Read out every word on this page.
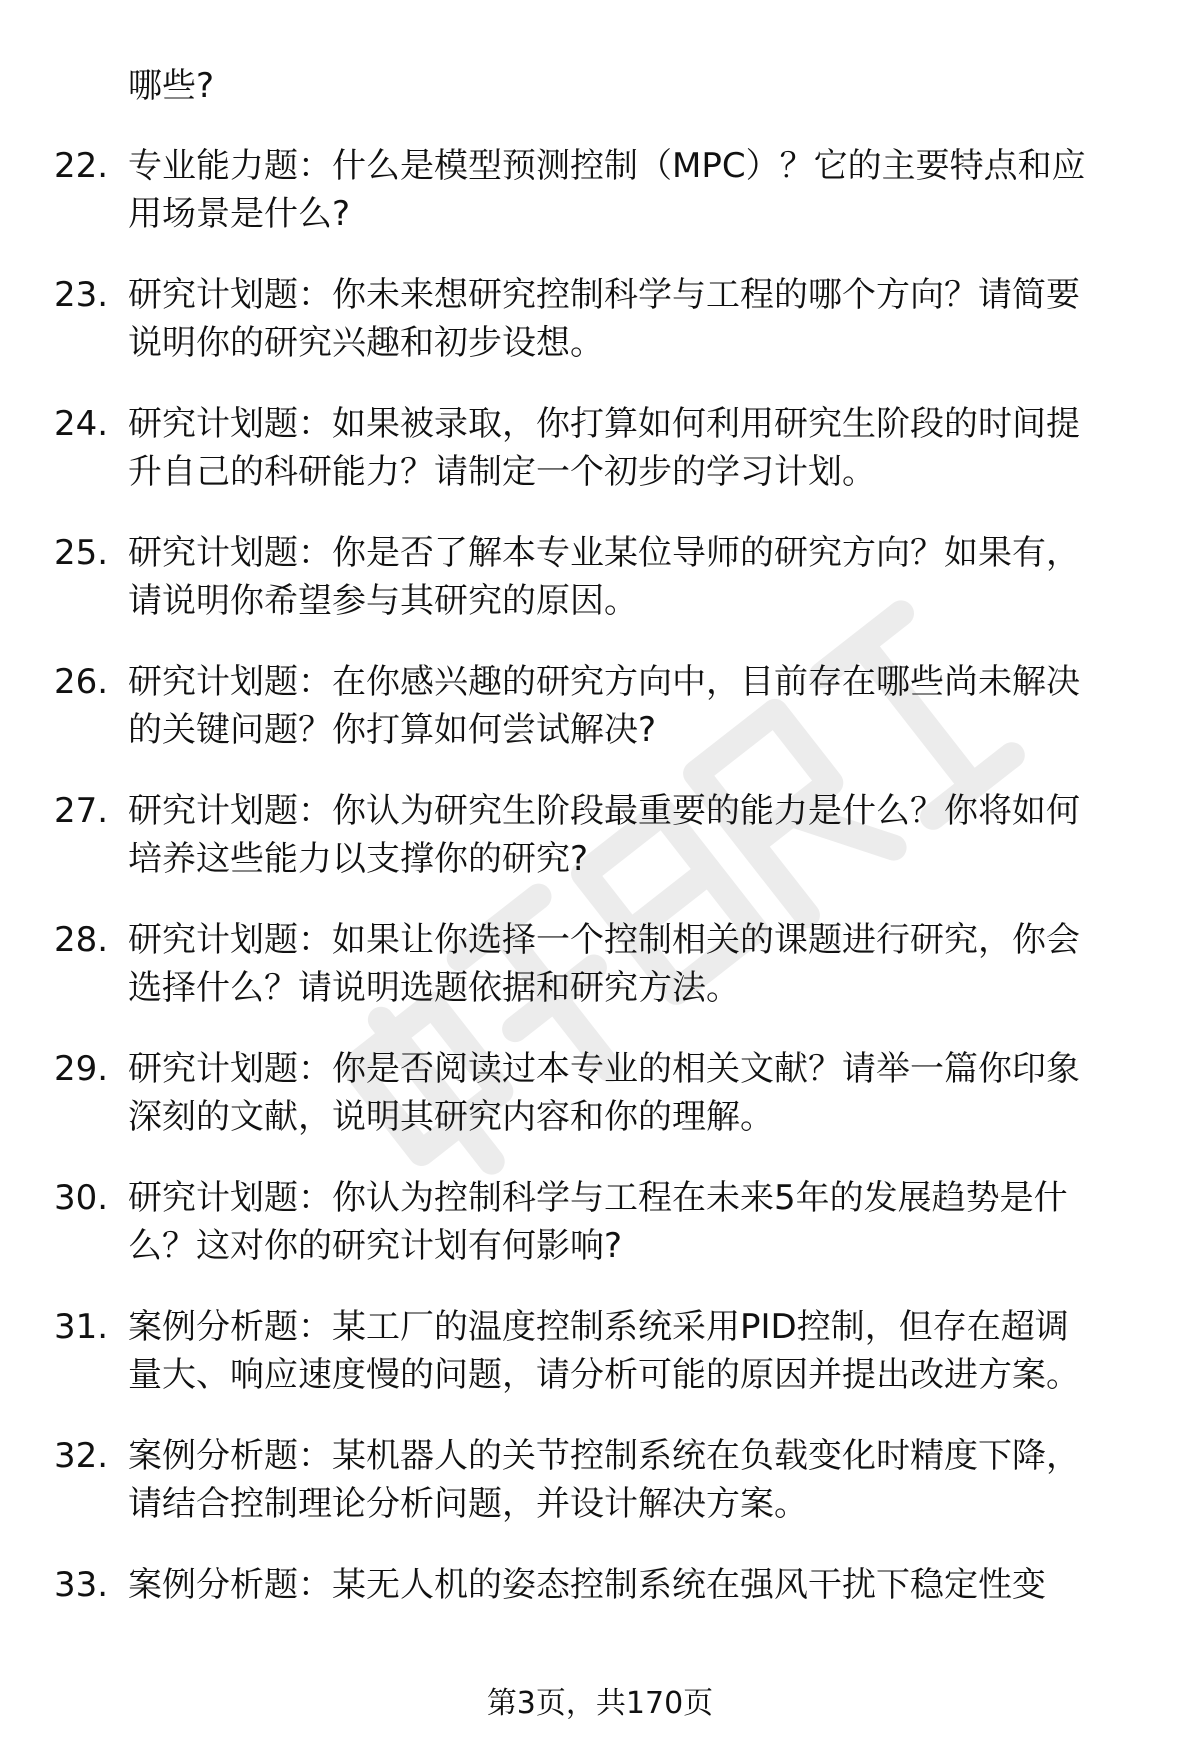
哪些?
22. 专业能力题：什么是模型预测控制（MPC）？它的主要特点和应
用场景是什么?
23. 研究计划题：你未来想研究控制科学与工程的哪个方向？请简要
说明你的研究兴趣和初步设想。
24. 研究计划题：如果被录取，你打算如何利用研究生阶段的时间提
升自己的科研能力？请制定一个初步的学习计划。
25. 研究计划题：你是否了解本专业某位导师的研究方向？如果有，
请说明你希望参与其研究的原因。
26. 研究计划题：在你感兴趣的研究方向中，目前存在哪些尚未解决
的关键问题？你打算如何尝试解决?
27. 研究计划题：你认为研究生阶段最重要的能力是什么？你将如何
培养这些能力以支撑你的研究?
28. 研究计划题：如果让你选择一个控制相关的课题进行研究，你会
选择什么？请说明选题依据和研究方法。
29. 研究计划题：你是否阅读过本专业的相关文献？请举一篇你印象
深刻的文献，说明其研究内容和你的理解。
30. 研究计划题：你认为控制科学与工程在未来5年的发展趋势是什
么？这对你的研究计划有何影响?
31. 案例分析题：某工厂的温度控制系统采用PID控制，但存在超调
量大、响应速度慢的问题，请分析可能的原因并提出改进方案。
32. 案例分析题：某机器人的关节控制系统在负载变化时精度下降，
请结合控制理论分析问题，并设计解决方案。
33. 案例分析题：某无人机的姿态控制系统在强风干扰下稳定性变
第3页，共170页
